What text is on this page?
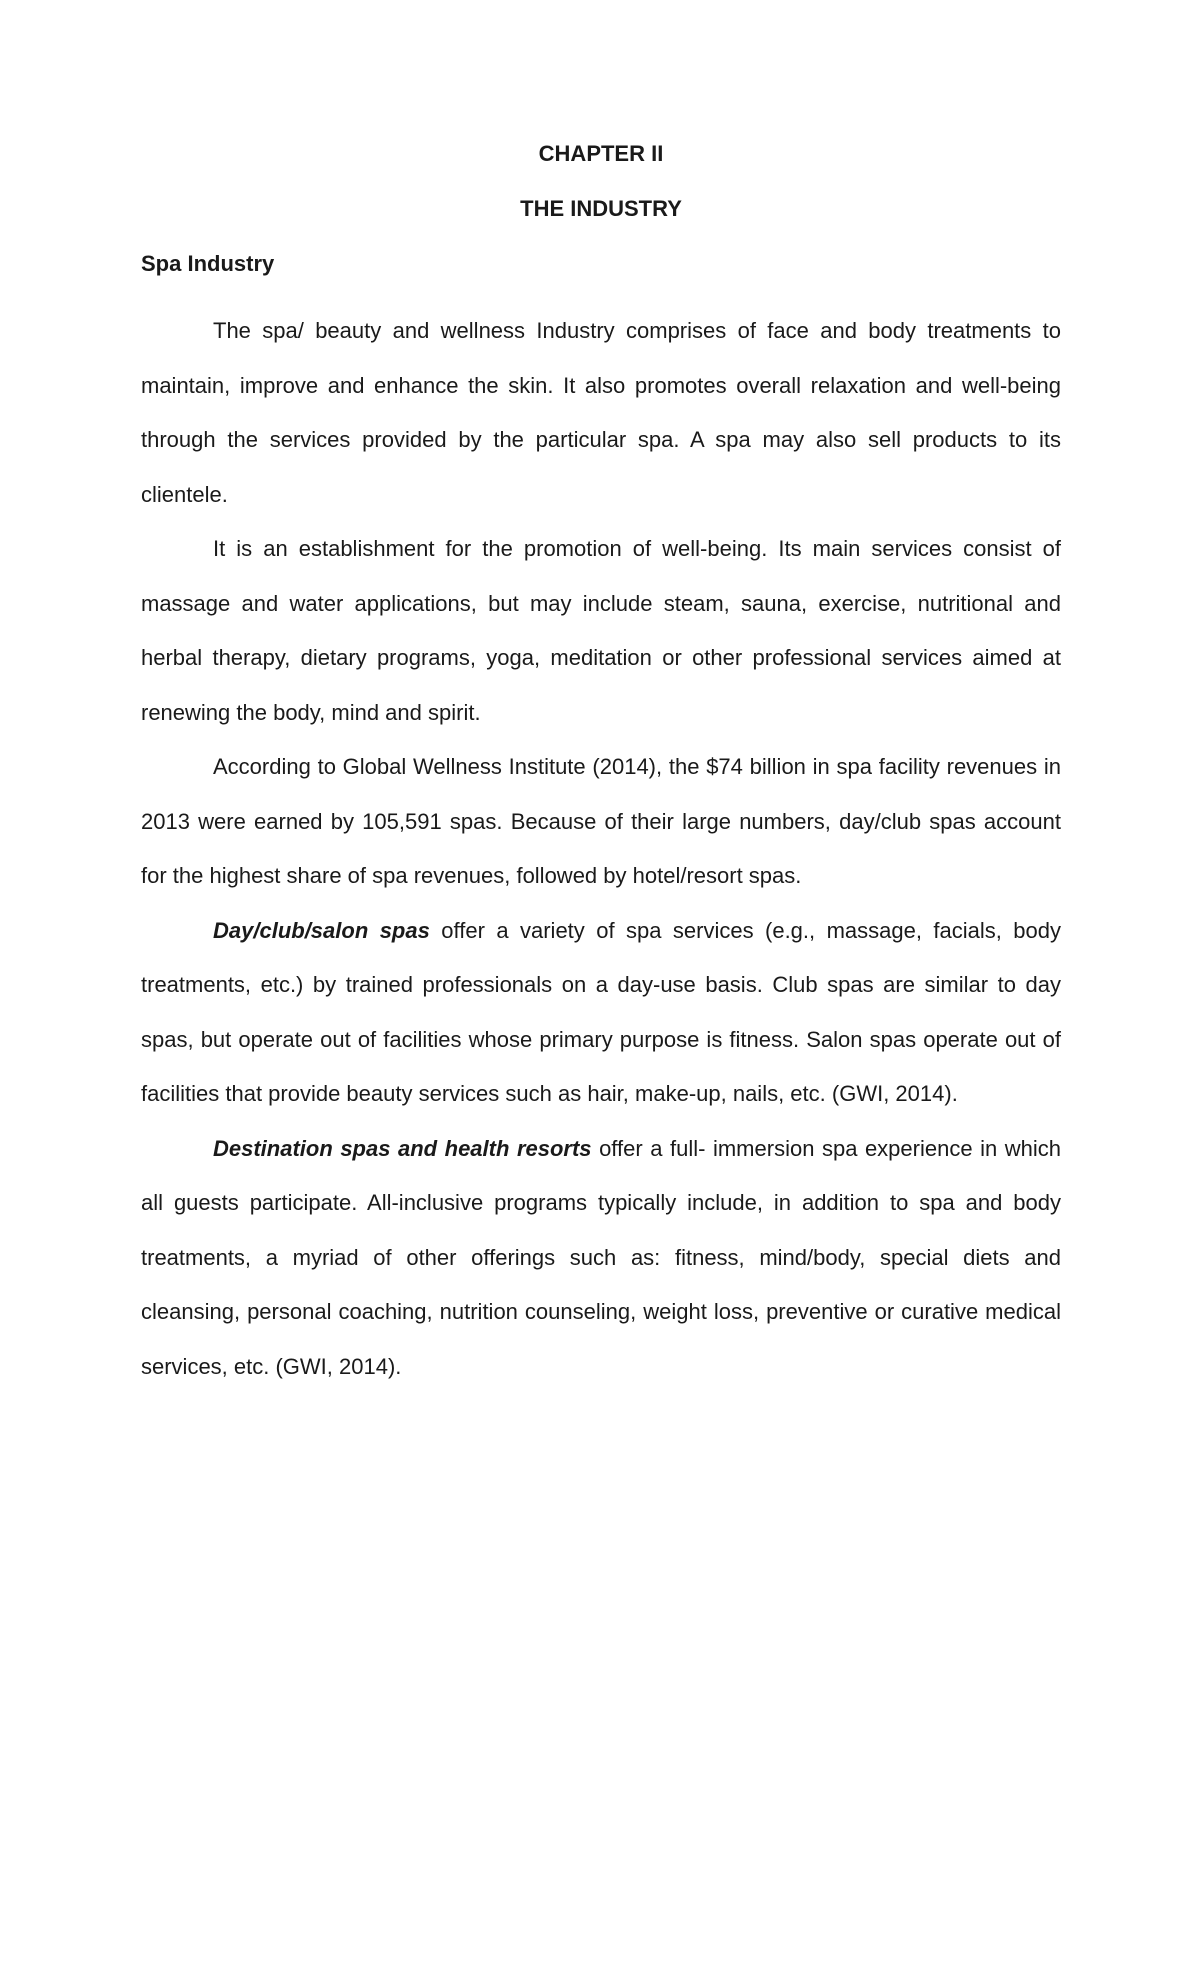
CHAPTER II
THE INDUSTRY
Spa Industry

The spa/ beauty and wellness Industry comprises of face and body treatments to maintain, improve and enhance the skin. It also promotes overall relaxation and well-being through the services provided by the particular spa. A spa may also sell products to its clientele.

It is an establishment for the promotion of well-being. Its main services consist of massage and water applications, but may include steam, sauna, exercise, nutritional and herbal therapy, dietary programs, yoga, meditation or other professional services aimed at renewing the body, mind and spirit.

According to Global Wellness Institute (2014), the $74 billion in spa facility revenues in 2013 were earned by 105,591 spas. Because of their large numbers, day/club spas account for the highest share of spa revenues, followed by hotel/resort spas.

Day/club/salon spas offer a variety of spa services (e.g., massage, facials, body treatments, etc.) by trained professionals on a day-use basis. Club spas are similar to day spas, but operate out of facilities whose primary purpose is fitness. Salon spas operate out of facilities that provide beauty services such as hair, make-up, nails, etc. (GWI, 2014).

Destination spas and health resorts offer a full- immersion spa experience in which all guests participate. All-inclusive programs typically include, in addition to spa and body treatments, a myriad of other offerings such as: fitness, mind/body, special diets and cleansing, personal coaching, nutrition counseling, weight loss, preventive or curative medical services, etc. (GWI, 2014).
